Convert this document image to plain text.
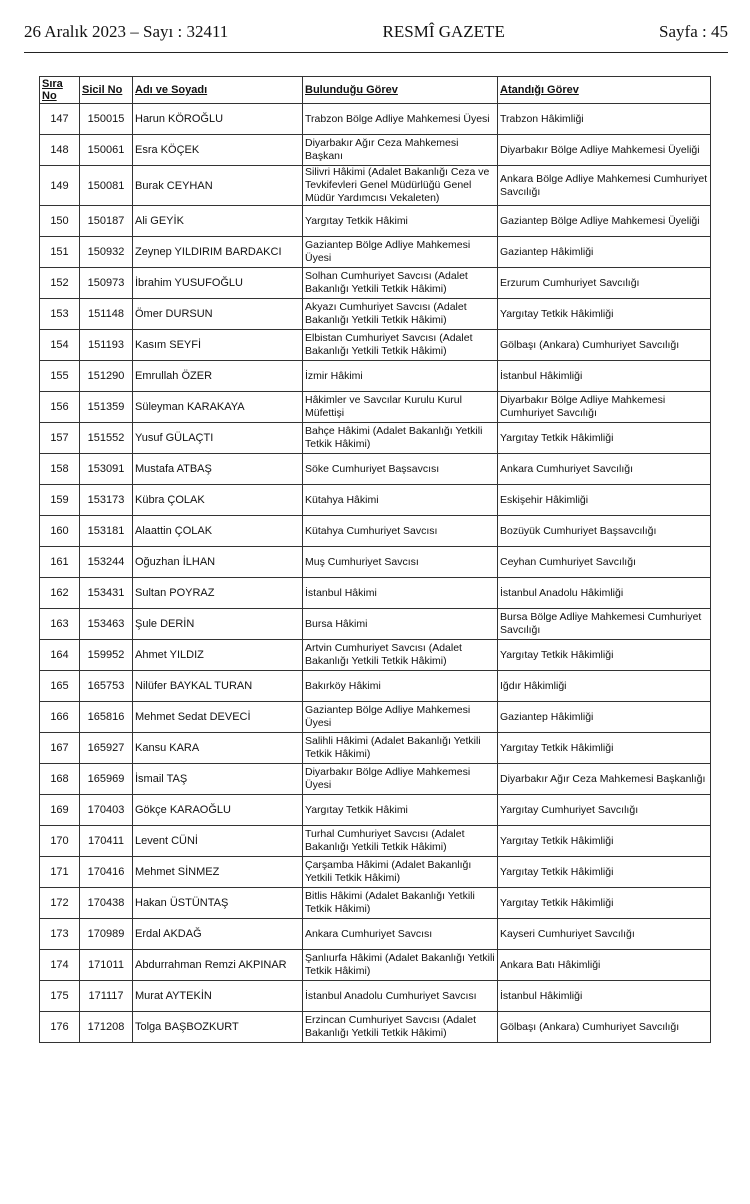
26 Aralık 2023 – Sayı : 32411	RESMÎ GAZETE	Sayfa : 45
Sıra No	Sicil No	Adı ve Soyadı	Bulunduğu Görev	Atandığı Görev
147	150015	Harun KÖROĞLU	Trabzon Bölge Adliye Mahkemesi Üyesi	Trabzon Hâkimliği
148	150061	Esra KÖÇEK	Diyarbakır Ağır Ceza Mahkemesi Başkanı	Diyarbakır Bölge Adliye Mahkemesi Üyeliği
149	150081	Burak CEYHAN	Silivri Hâkimi (Adalet Bakanlığı Ceza ve Tevkifevleri Genel Müdürlüğü Genel Müdür Yardımcısı Vekaleten)	Ankara Bölge Adliye Mahkemesi Cumhuriyet Savcılığı
150	150187	Ali GEYİK	Yargıtay Tetkik Hâkimi	Gaziantep Bölge Adliye Mahkemesi Üyeliği
151	150932	Zeynep YILDIRIM BARDAKCI	Gaziantep Bölge Adliye Mahkemesi Üyesi	Gaziantep Hâkimliği
152	150973	İbrahim YUSUFOĞLU	Solhan Cumhuriyet Savcısı (Adalet Bakanlığı Yetkili Tetkik Hâkimi)	Erzurum Cumhuriyet Savcılığı
153	151148	Ömer DURSUN	Akyazı Cumhuriyet Savcısı (Adalet Bakanlığı Yetkili Tetkik Hâkimi)	Yargıtay Tetkik Hâkimliği
154	151193	Kasım SEYFİ	Elbistan Cumhuriyet Savcısı (Adalet Bakanlığı Yetkili Tetkik Hâkimi)	Gölbaşı (Ankara) Cumhuriyet Savcılığı
155	151290	Emrullah ÖZER	İzmir Hâkimi	İstanbul Hâkimliği
156	151359	Süleyman KARAKAYA	Hâkimler ve Savcılar Kurulu Kurul Müfettişi	Diyarbakır Bölge Adliye Mahkemesi Cumhuriyet Savcılığı
157	151552	Yusuf GÜLAÇTI	Bahçe Hâkimi (Adalet Bakanlığı Yetkili Tetkik Hâkimi)	Yargıtay Tetkik Hâkimliği
158	153091	Mustafa ATBAŞ	Söke Cumhuriyet Başsavcısı	Ankara Cumhuriyet Savcılığı
159	153173	Kübra ÇOLAK	Kütahya Hâkimi	Eskişehir Hâkimliği
160	153181	Alaattin ÇOLAK	Kütahya Cumhuriyet Savcısı	Bozüyük Cumhuriyet Başsavcılığı
161	153244	Oğuzhan İLHAN	Muş Cumhuriyet Savcısı	Ceyhan Cumhuriyet Savcılığı
162	153431	Sultan POYRAZ	İstanbul Hâkimi	İstanbul Anadolu Hâkimliği
163	153463	Şule DERİN	Bursa Hâkimi	Bursa Bölge Adliye Mahkemesi Cumhuriyet Savcılığı
164	159952	Ahmet YILDIZ	Artvin Cumhuriyet Savcısı (Adalet Bakanlığı Yetkili Tetkik Hâkimi)	Yargıtay Tetkik Hâkimliği
165	165753	Nilüfer BAYKAL TURAN	Bakırköy Hâkimi	Iğdır Hâkimliği
166	165816	Mehmet Sedat DEVECİ	Gaziantep Bölge Adliye Mahkemesi Üyesi	Gaziantep Hâkimliği
167	165927	Kansu KARA	Salihli Hâkimi (Adalet Bakanlığı Yetkili Tetkik Hâkimi)	Yargıtay Tetkik Hâkimliği
168	165969	İsmail TAŞ	Diyarbakır Bölge Adliye Mahkemesi Üyesi	Diyarbakır Ağır Ceza Mahkemesi Başkanlığı
169	170403	Gökçe KARAOĞLU	Yargıtay Tetkik Hâkimi	Yargıtay Cumhuriyet Savcılığı
170	170411	Levent CÜNİ	Turhal Cumhuriyet Savcısı (Adalet Bakanlığı Yetkili Tetkik Hâkimi)	Yargıtay Tetkik Hâkimliği
171	170416	Mehmet SİNMEZ	Çarşamba Hâkimi (Adalet Bakanlığı Yetkili Tetkik Hâkimi)	Yargıtay Tetkik Hâkimliği
172	170438	Hakan ÜSTÜNTAŞ	Bitlis Hâkimi (Adalet Bakanlığı Yetkili Tetkik Hâkimi)	Yargıtay Tetkik Hâkimliği
173	170989	Erdal AKDAĞ	Ankara Cumhuriyet Savcısı	Kayseri Cumhuriyet Savcılığı
174	171011	Abdurrahman Remzi AKPINAR	Şanlıurfa Hâkimi (Adalet Bakanlığı Yetkili Tetkik Hâkimi)	Ankara Batı Hâkimliği
175	171117	Murat AYTEKİN	İstanbul Anadolu Cumhuriyet Savcısı	İstanbul Hâkimliği
176	171208	Tolga BAŞBOZKURT	Erzincan Cumhuriyet Savcısı (Adalet Bakanlığı Yetkili Tetkik Hâkimi)	Gölbaşı (Ankara) Cumhuriyet Savcılığı
